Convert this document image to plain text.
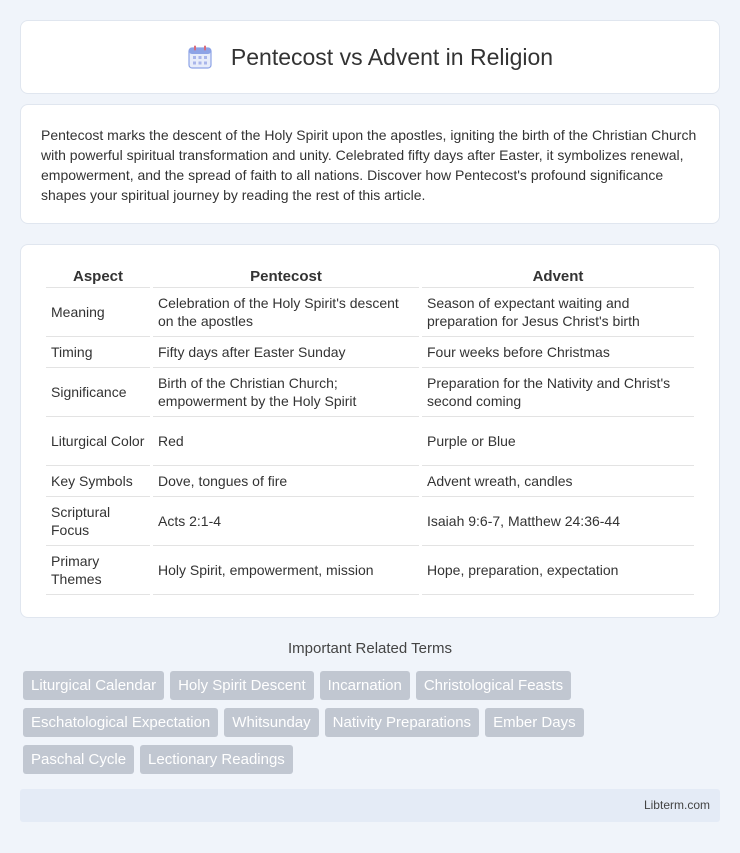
Pentecost vs Advent in Religion

Pentecost marks the descent of the Holy Spirit upon the apostles, igniting the birth of the Christian Church with powerful spiritual transformation and unity. Celebrated fifty days after Easter, it symbolizes renewal, empowerment, and the spread of faith to all nations. Discover how Pentecost's profound significance shapes your spiritual journey by reading the rest of this article.

Aspect	Pentecost	Advent
Meaning	Celebration of the Holy Spirit's descent on the apostles	Season of expectant waiting and preparation for Jesus Christ's birth
Timing	Fifty days after Easter Sunday	Four weeks before Christmas
Significance	Birth of the Christian Church; empowerment by the Holy Spirit	Preparation for the Nativity and Christ's second coming
Liturgical Color	Red	Purple or Blue
Key Symbols	Dove, tongues of fire	Advent wreath, candles
Scriptural Focus	Acts 2:1-4	Isaiah 9:6-7, Matthew 24:36-44
Primary Themes	Holy Spirit, empowerment, mission	Hope, preparation, expectation
Important Related Terms
Liturgical Calendar	Holy Spirit Descent	Incarnation	Christological Feasts
Eschatological Expectation	Whitsunday	Nativity Preparations	Ember Days
Paschal Cycle	Lectionary Readings
Libterm.com
